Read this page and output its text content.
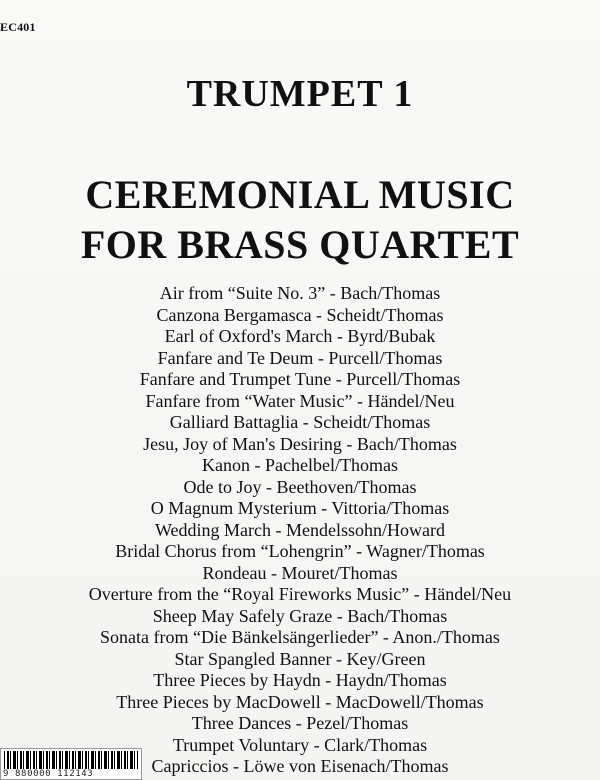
EC401
TRUMPET 1
CEREMONIAL MUSIC
FOR BRASS QUARTET
Air from “Suite No. 3” - Bach/Thomas
Canzona Bergamasca - Scheidt/Thomas
Earl of Oxford's March - Byrd/Bubak
Fanfare and Te Deum - Purcell/Thomas
Fanfare and Trumpet Tune - Purcell/Thomas
Fanfare from “Water Music” - Händel/Neu
Galliard Battaglia - Scheidt/Thomas
Jesu, Joy of Man's Desiring - Bach/Thomas
Kanon - Pachelbel/Thomas
Ode to Joy - Beethoven/Thomas
O Magnum Mysterium - Vittoria/Thomas
Wedding March - Mendelssohn/Howard
Bridal Chorus from “Lohengrin” - Wagner/Thomas
Rondeau - Mouret/Thomas
Overture from the “Royal Fireworks Music” - Händel/Neu
Sheep May Safely Graze - Bach/Thomas
Sonata from “Die Bänkelsängerlieder” - Anon./Thomas
Star Spangled Banner - Key/Green
Three Pieces by Haydn - Haydn/Thomas
Three Pieces by MacDowell - MacDowell/Thomas
Three Dances - Pezel/Thomas
Trumpet Voluntary - Clark/Thomas
Capriccios - Löwe von Eisenach/Thomas
9 880000 112143
